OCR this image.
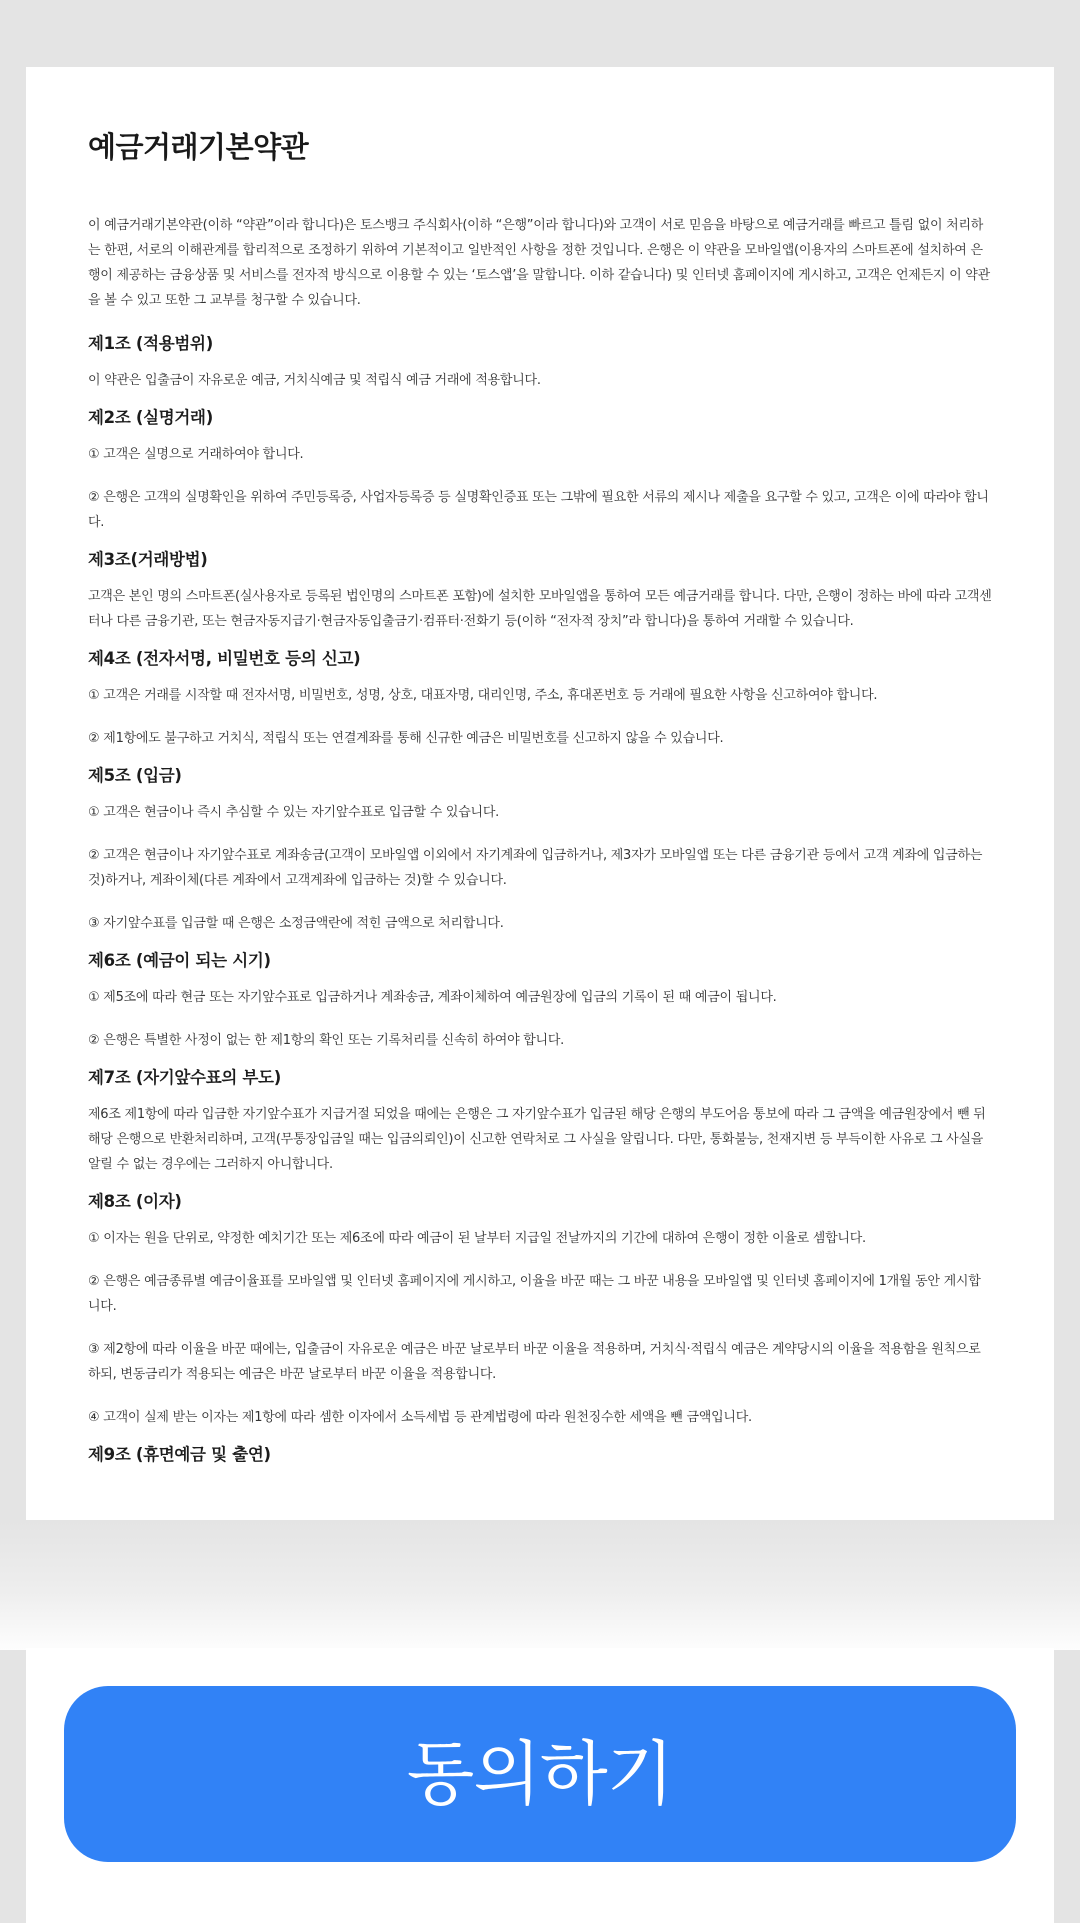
예금거래기본약관

이 예금거래기본약관(이하 “약관”이라 합니다)은 토스뱅크 주식회사(이하 “은행”이라 합니다)와 고객이 서로 믿음을 바탕으로 예금거래를 빠르고 틀림 없이 처리하는 한편, 서로의 이해관계를 합리적으로 조정하기 위하여 기본적이고 일반적인 사항을 정한 것입니다. 은행은 이 약관을 모바일앱(이용자의 스마트폰에 설치하여 은행이 제공하는 금융상품 및 서비스를 전자적 방식으로 이용할 수 있는 ‘토스앱’을 말합니다. 이하 같습니다) 및 인터넷 홈페이지에 게시하고, 고객은 언제든지 이 약관을 볼 수 있고 또한 그 교부를 청구할 수 있습니다.

제1조 (적용범위)

이 약관은 입출금이 자유로운 예금, 거치식예금 및 적립식 예금 거래에 적용합니다.

제2조 (실명거래)

① 고객은 실명으로 거래하여야 합니다.

② 은행은 고객의 실명확인을 위하여 주민등록증, 사업자등록증 등 실명확인증표 또는 그밖에 필요한 서류의 제시나 제출을 요구할 수 있고, 고객은 이에 따라야 합니다.

제3조(거래방법)

고객은 본인 명의 스마트폰(실사용자로 등록된 법인명의 스마트폰 포함)에 설치한 모바일앱을 통하여 모든 예금거래를 합니다. 다만, 은행이 정하는 바에 따라 고객센터나 다른 금융기관, 또는 현금자동지급기·현금자동입출금기·컴퓨터·전화기 등(이하 “전자적 장치”라 합니다)을 통하여 거래할 수 있습니다.

제4조 (전자서명, 비밀번호 등의 신고)

① 고객은 거래를 시작할 때 전자서명, 비밀번호, 성명, 상호, 대표자명, 대리인명, 주소, 휴대폰번호 등 거래에 필요한 사항을 신고하여야 합니다.

② 제1항에도 불구하고 거치식, 적립식 또는 연결계좌를 통해 신규한 예금은 비밀번호를 신고하지 않을 수 있습니다.

제5조 (입금)

① 고객은 현금이나 즉시 추심할 수 있는 자기앞수표로 입금할 수 있습니다.

② 고객은 현금이나 자기앞수표로 계좌송금(고객이 모바일앱 이외에서 자기계좌에 입금하거나, 제3자가 모바일앱 또는 다른 금융기관 등에서 고객 계좌에 입금하는 것)하거나, 계좌이체(다른 계좌에서 고객계좌에 입금하는 것)할 수 있습니다.

③ 자기앞수표를 입금할 때 은행은 소정금액란에 적힌 금액으로 처리합니다.

제6조 (예금이 되는 시기)

① 제5조에 따라 현금 또는 자기앞수표로 입금하거나 계좌송금, 계좌이체하여 예금원장에 입금의 기록이 된 때 예금이 됩니다.

② 은행은 특별한 사정이 없는 한 제1항의 확인 또는 기록처리를 신속히 하여야 합니다.

제7조 (자기앞수표의 부도)

제6조 제1항에 따라 입금한 자기앞수표가 지급거절 되었을 때에는 은행은 그 자기앞수표가 입금된 해당 은행의 부도어음 통보에 따라 그 금액을 예금원장에서 뺀 뒤 해당 은행으로 반환처리하며, 고객(무통장입금일 때는 입금의뢰인)이 신고한 연락처로 그 사실을 알립니다. 다만, 통화불능, 천재지변 등 부득이한 사유로 그 사실을 알릴 수 없는 경우에는 그러하지 아니합니다.

제8조 (이자)

① 이자는 원을 단위로, 약정한 예치기간 또는 제6조에 따라 예금이 된 날부터 지급일 전날까지의 기간에 대하여 은행이 정한 이율로 셈합니다.

② 은행은 예금종류별 예금이율표를 모바일앱 및 인터넷 홈페이지에 게시하고, 이율을 바꾼 때는 그 바꾼 내용을 모바일앱 및 인터넷 홈페이지에 1개월 동안 게시합니다.

③ 제2항에 따라 이율을 바꾼 때에는, 입출금이 자유로운 예금은 바꾼 날로부터 바꾼 이율을 적용하며, 거치식·적립식 예금은 계약당시의 이율을 적용함을 원칙으로 하되, 변동금리가 적용되는 예금은 바꾼 날로부터 바꾼 이율을 적용합니다.

④ 고객이 실제 받는 이자는 제1항에 따라 셈한 이자에서 소득세법 등 관계법령에 따라 원천징수한 세액을 뺀 금액입니다.

제9조 (휴면예금 및 출연)
동의하기
